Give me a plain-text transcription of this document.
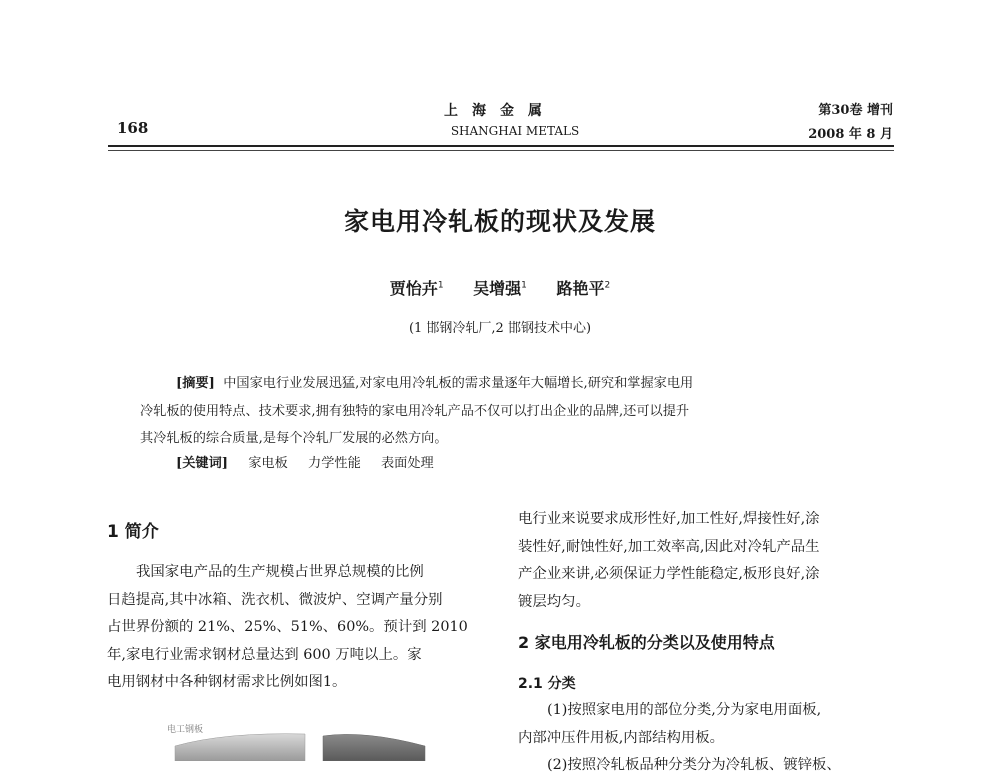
168
上海金属
SHANGHAI METALS
第30卷 增刊
2008 年 8 月
家电用冷轧板的现状及发展
贾怡卉$^1$ 吴增强$^1$ 路艳平$^2$
(1 邯钢冷轧厂,2 邯钢技术中心)
[摘要] 中国家电行业发展迅猛,对家电用冷轧板的需求量逐年大幅增长,研究和掌握家电用
冷轧板的使用特点、技术要求,拥有独特的家电用冷轧产品不仅可以打出企业的品牌,还可以提升
其冷轧板的综合质量,是每个冷轧厂发展的必然方向。
[关键词] 家电板 力学性能 表面处理
1 简介
我国家电产品的生产规模占世界总规模的比例
日趋提高,其中冰箱、洗衣机、微波炉、空调产量分别
占世界份额的 21%、25%、51%、60%。预计到 2010
年,家电行业需求钢材总量达到 600 万吨以上。家
电用钢材中各种钢材需求比例如图1。
电工钢板
电行业来说要求成形性好,加工性好,焊接性好,涂
装性好,耐蚀性好,加工效率高,因此对冷轧产品生
产企业来讲,必须保证力学性能稳定,板形良好,涂
镀层均匀。
2 家电用冷轧板的分类以及使用特点
2.1 分类
(1)按照家电用的部位分类,分为家电用面板,
内部冲压件用板,内部结构用板。
(2)按照冷轧板品种分类分为冷轧板、镀锌板、
